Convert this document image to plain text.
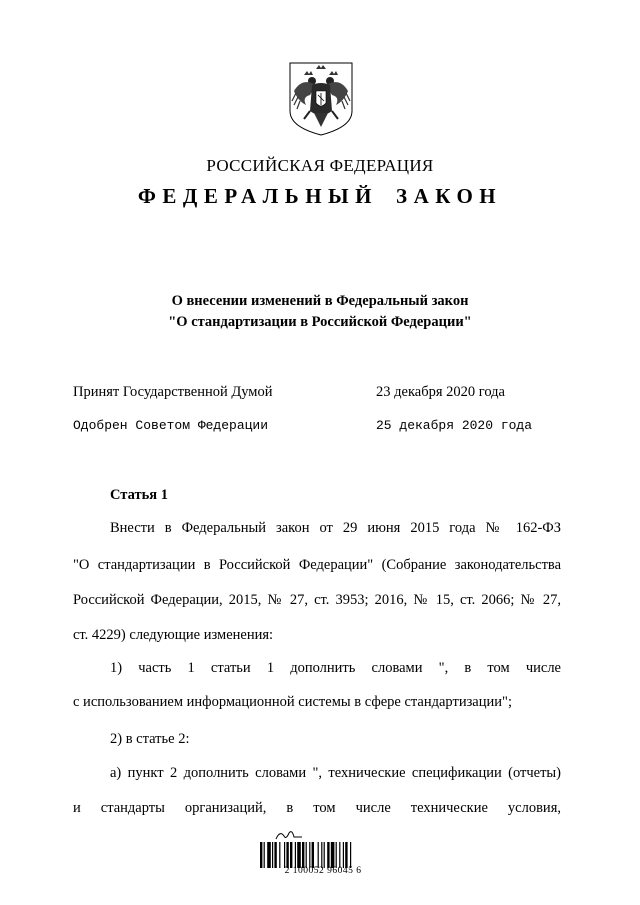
РОССИЙСКАЯ ФЕДЕРАЦИЯ
ФЕДЕРАЛЬНЫЙ ЗАКОН
О внесении изменений в Федеральный закон
"О стандартизации в Российской Федерации"
Принят Государственной Думой	23 декабря 2020 года
Одобрен Советом Федерации	25 декабря 2020 года
Статья 1
Внести в Федеральный закон от 29 июня 2015 года № 162-ФЗ
"О стандартизации в Российской Федерации" (Собрание законодательства
Российской Федерации, 2015, № 27, ст. 3953; 2016, № 15, ст. 2066; № 27,
ст. 4229) следующие изменения:
1) часть 1 статьи 1 дополнить словами ", в том числе
с использованием информационной системы в сфере стандартизации";
2) в статье 2:
а) пункт 2 дополнить словами ", технические спецификации (отчеты)
и стандарты организаций, в том числе технические условия,
2 100052 96045 6
